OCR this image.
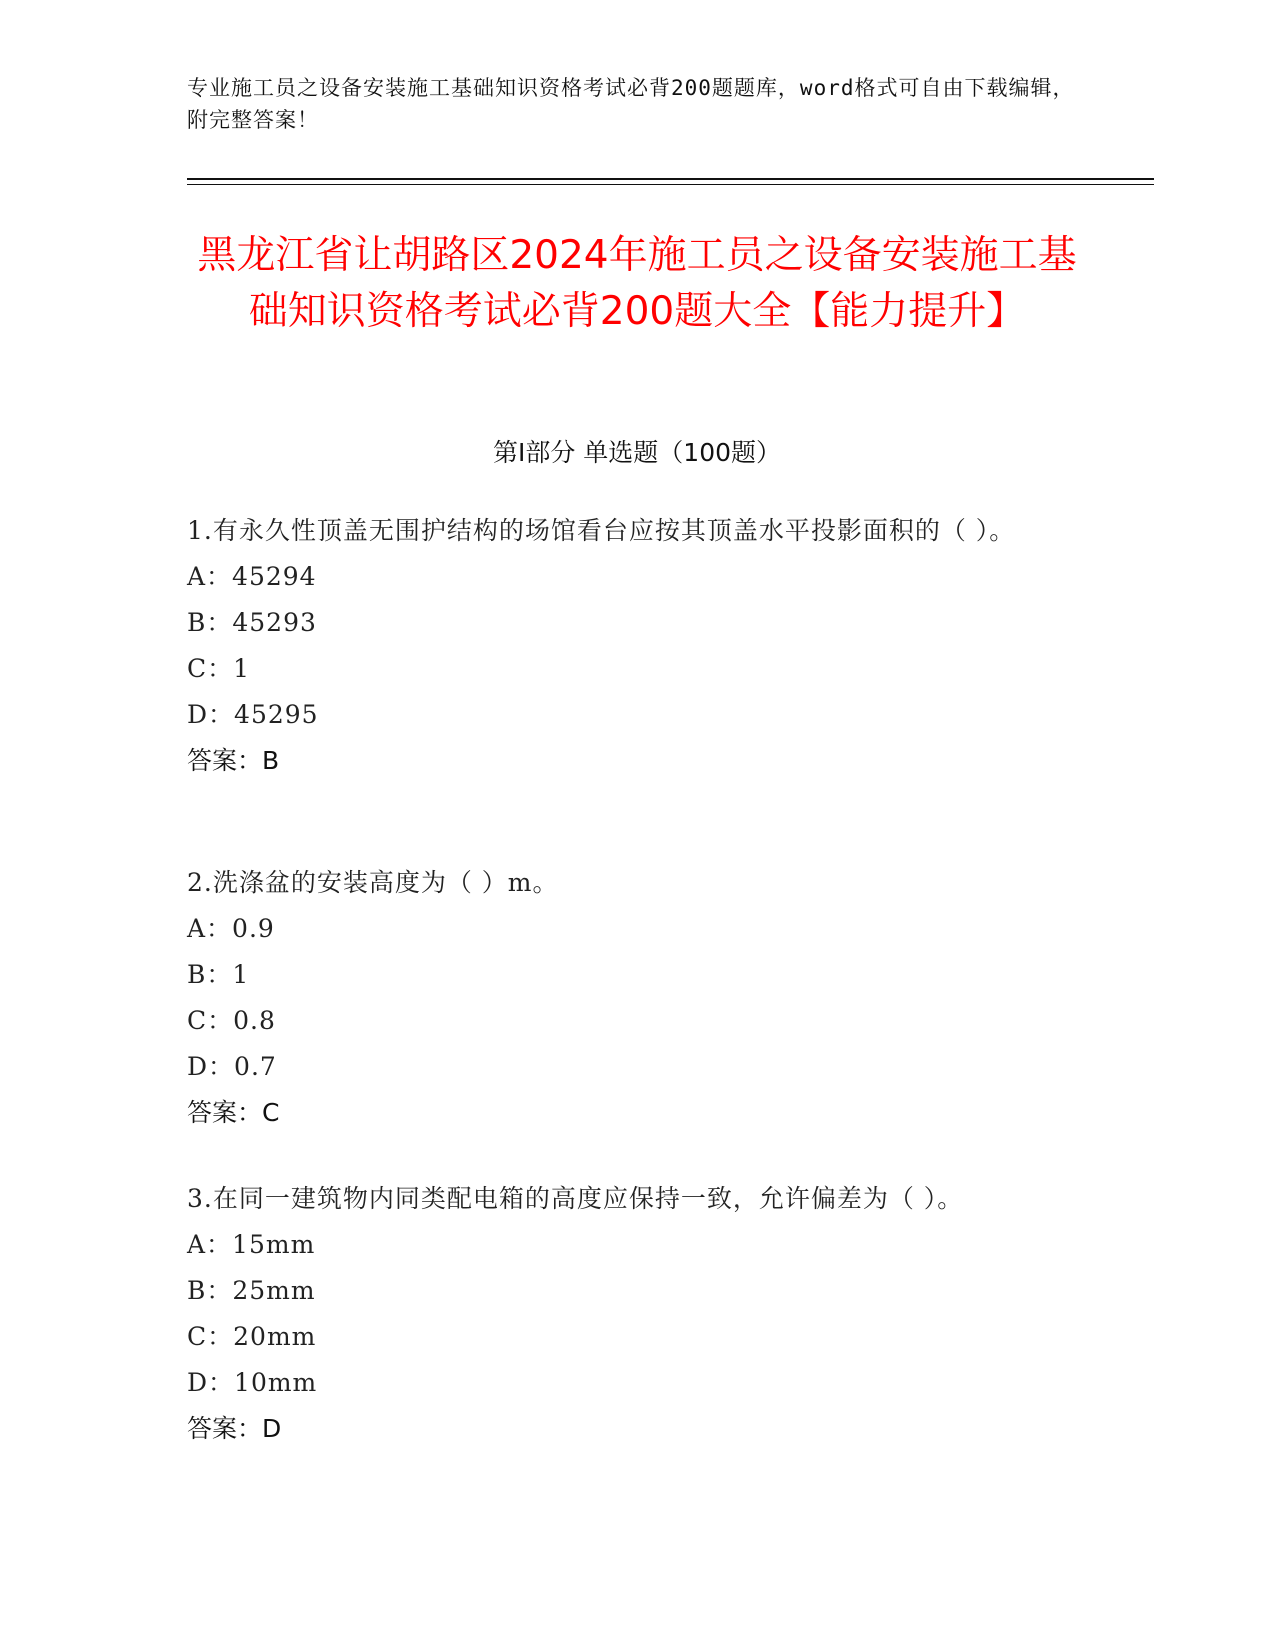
专业施工员之设备安装施工基础知识资格考试必背200题题库，word格式可自由下载编辑，附完整答案！
黑龙江省让胡路区2024年施工员之设备安装施工基础知识资格考试必背200题大全【能力提升】
第I部分 单选题（100题）

1.有永久性顶盖无围护结构的场馆看台应按其顶盖水平投影面积的（ ）。

A：45294

B：45293

C：1

D：45295

答案：B

2.洗涤盆的安装高度为（ ）m。

A：0.9

B：1

C：0.8

D：0.7

答案：C

3.在同一建筑物内同类配电箱的高度应保持一致，允许偏差为（ ）。

A：15mm

B：25mm

C：20mm

D：10mm

答案：D
